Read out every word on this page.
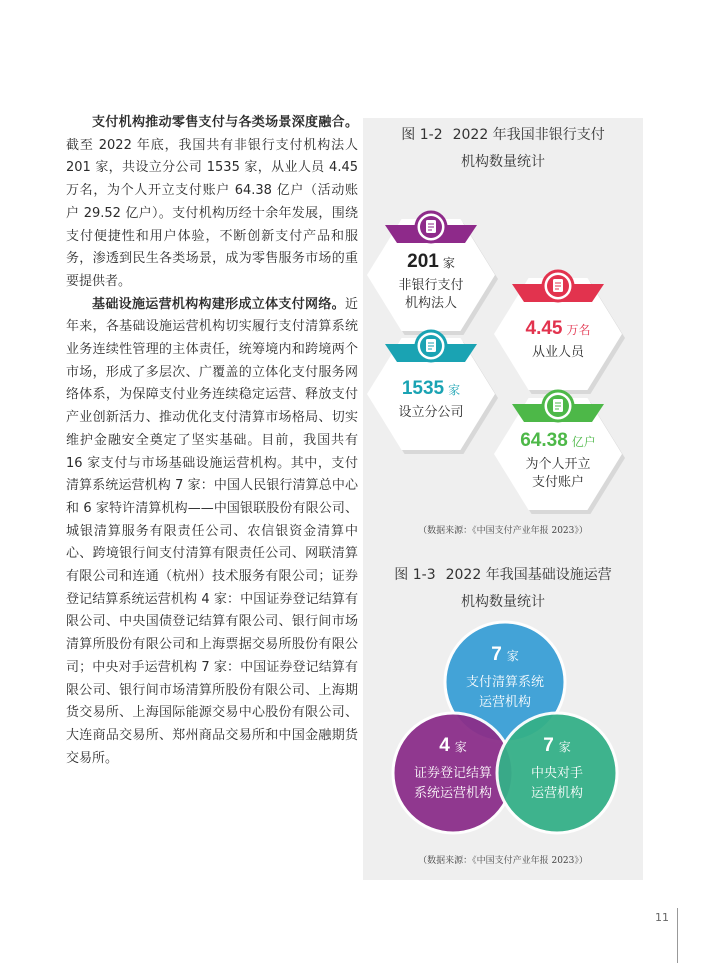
支付机构推动零售支付与各类场景深度融合。截至 2022 年底，我国共有非银行支付机构法人 201 家，共设立分公司 1535 家，从业人员 4.45 万名，为个人开立支付账户 64.38 亿户（活动账户 29.52 亿户）。支付机构历经十余年发展，围绕支付便捷性和用户体验，不断创新支付产品和服务，渗透到民生各类场景，成为零售服务市场的重要提供者。

基础设施运营机构构建形成立体支付网络。近年来，各基础设施运营机构切实履行支付清算系统业务连续性管理的主体责任，统筹境内和跨境两个市场，形成了多层次、广覆盖的立体化支付服务网络体系，为保障支付业务连续稳定运营、释放支付产业创新活力、推动优化支付清算市场格局、切实维护金融安全奠定了坚实基础。目前，我国共有 16 家支付与市场基础设施运营机构。其中，支付清算系统运营机构 7 家：中国人民银行清算总中心和 6 家特许清算机构——中国银联股份有限公司、城银清算服务有限责任公司、农信银资金清算中心、跨境银行间支付清算有限责任公司、网联清算有限公司和连通（杭州）技术服务有限公司；证券登记结算系统运营机构 4 家：中国证券登记结算有限公司、中央国债登记结算有限公司、银行间市场清算所股份有限公司和上海票据交易所股份有限公司；中央对手运营机构 7 家：中国证券登记结算有限公司、银行间市场清算所股份有限公司、上海期货交易所、上海国际能源交易中心股份有限公司、大连商品交易所、郑州商品交易所和中国金融期货交易所。

图 1-2 2022 年我国非银行支付
机构数量统计
201 家
非银行支付
机构法人
4.45 万名
从业人员
1535 家
设立分公司
64.38 亿户
为个人开立
支付账户
（数据来源：《中国支付产业年报 2023》）
图 1-3 2022 年我国基础设施运营
机构数量统计
7 家
支付清算系统
运营机构
4 家
证券登记结算
系统运营机构
7 家
中央对手
运营机构
（数据来源：《中国支付产业年报 2023》）
11
